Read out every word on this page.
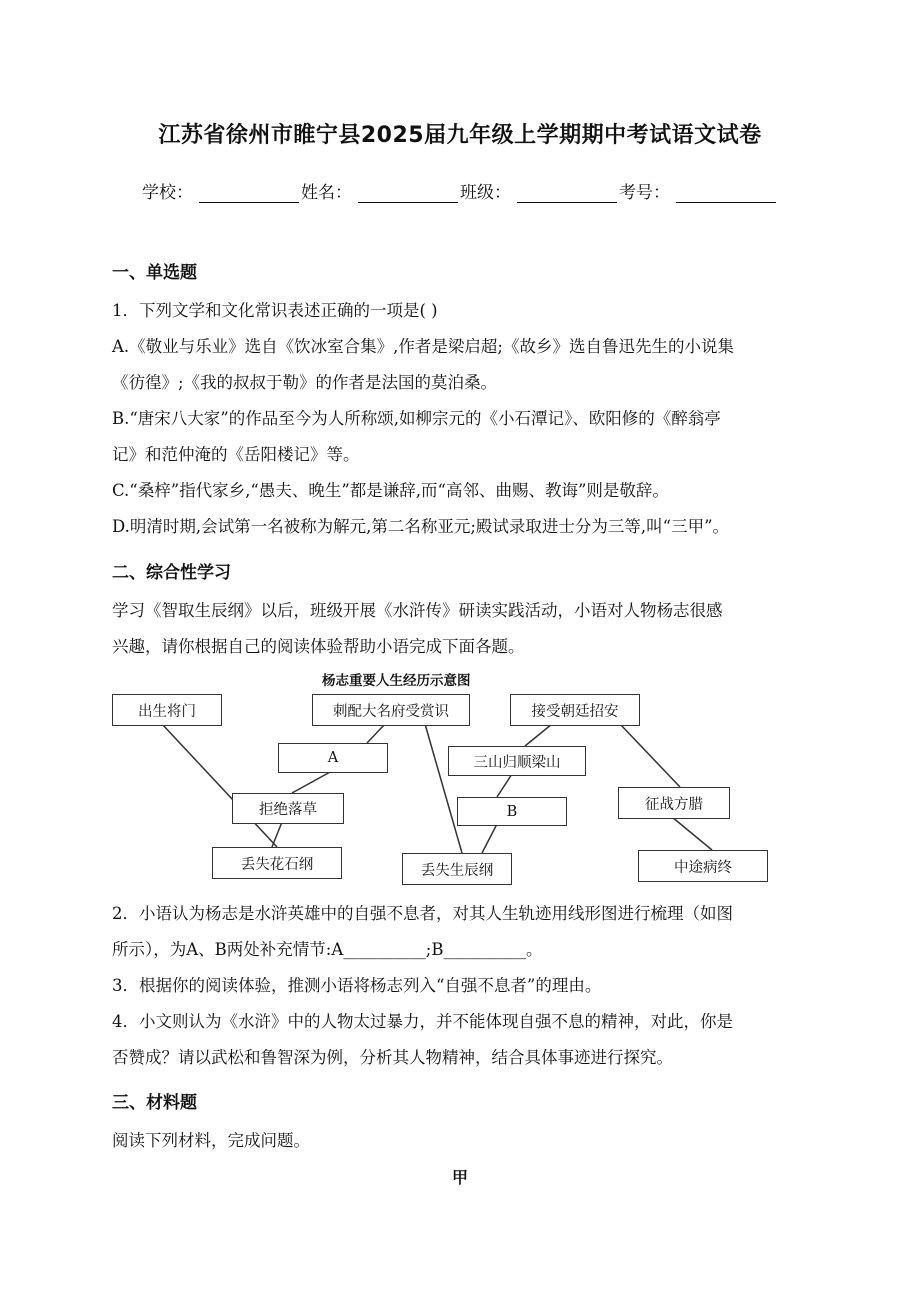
江苏省徐州市睢宁县2025届九年级上学期期中考试语文试卷
学校：	姓名：	班级：	考号：
一、单选题
1．下列文学和文化常识表述正确的一项是( )
A.《敬业与乐业》选自《饮冰室合集》,作者是梁启超;《故乡》选自鲁迅先生的小说集
《彷徨》;《我的叔叔于勒》的作者是法国的莫泊桑。
B.“唐宋八大家”的作品至今为人所称颂,如柳宗元的《小石潭记》、欧阳修的《醉翁亭
记》和范仲淹的《岳阳楼记》等。
C.“桑梓”指代家乡,“愚夫、晚生”都是谦辞,而“高邻、曲赐、教诲”则是敬辞。
D.明清时期,会试第一名被称为解元,第二名称亚元;殿试录取进士分为三等,叫“三甲”。
二、综合性学习
学习《智取生辰纲》以后，班级开展《水浒传》研读实践活动，小语对人物杨志很感
兴趣，请你根据自己的阅读体验帮助小语完成下面各题。
杨志重要人生经历示意图
出生将门	刺配大名府受赏识	接受朝廷招安
A	三山归顺梁山
拒绝落草	B	征战方腊
丢失花石纲	丢失生辰纲	中途病终
2．小语认为杨志是水浒英雄中的自强不息者，对其人生轨迹用线形图进行梳理（如图
所示），为A、B两处补充情节:A__________;B__________。
3．根据你的阅读体验，推测小语将杨志列入“自强不息者”的理由。
4．小文则认为《水浒》中的人物太过暴力，并不能体现自强不息的精神，对此，你是
否赞成？请以武松和鲁智深为例，分析其人物精神，结合具体事迹进行探究。
三、材料题
阅读下列材料，完成问题。
甲
